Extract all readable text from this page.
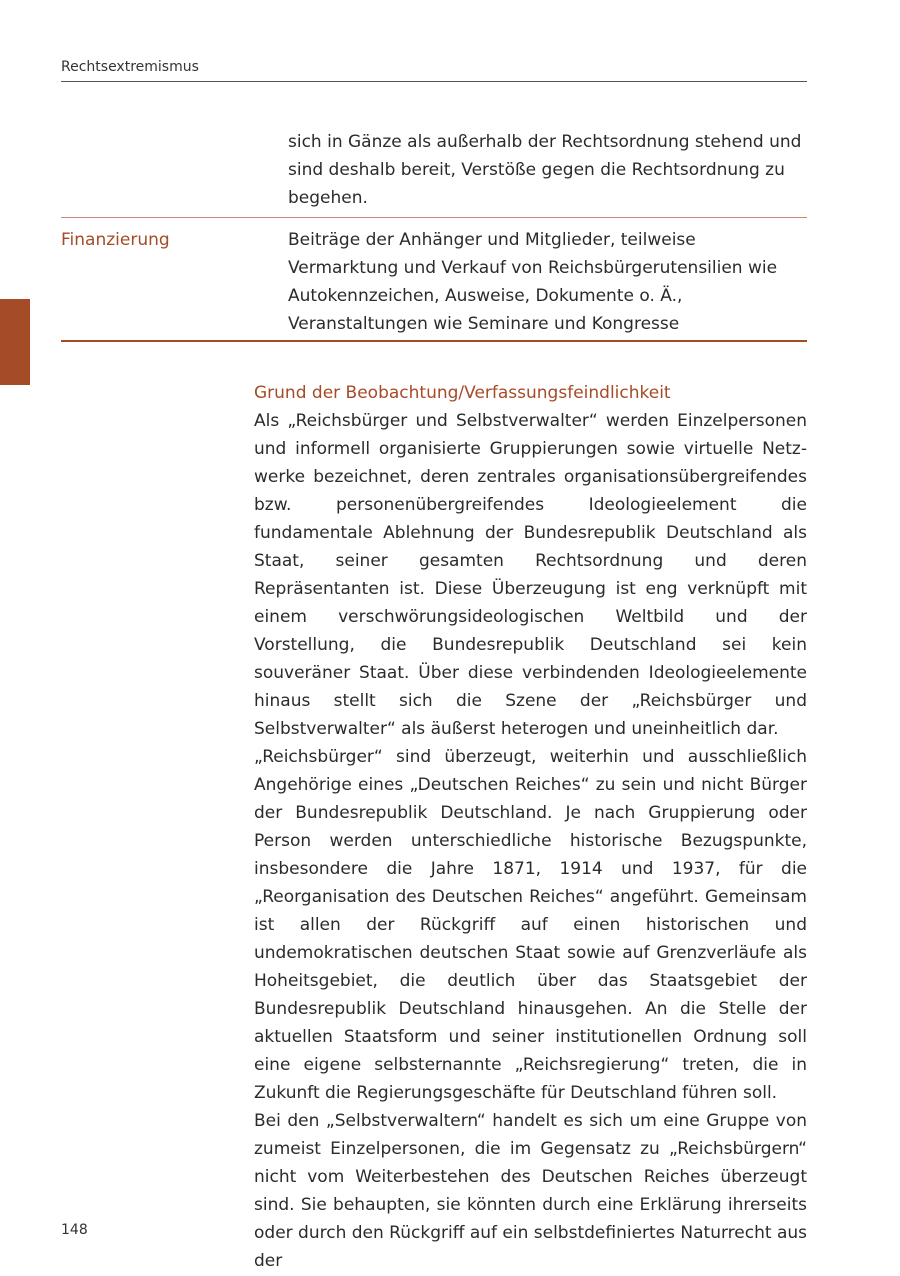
Rechtsextremismus
sich in Gänze als außerhalb der Rechtsordnung stehend und sind deshalb bereit, Verstöße gegen die Rechtsordnung zu begehen.
Finanzierung	Beiträge der Anhänger und Mitglieder, teilweise Vermarktung und Verkauf von Reichsbürgerutensilien wie Autokennzeichen, Ausweise, Dokumente o. Ä., Veranstaltungen wie Seminare und Kongresse
Grund der Beobachtung/Verfassungsfeindlichkeit

Als „Reichsbürger und Selbstverwalter“ werden Einzelpersonen und informell organisierte Gruppierungen sowie virtuelle Netzwerke bezeichnet, deren zentrales organisationsübergreifendes bzw. personenübergreifendes Ideologieelement die fundamentale Ablehnung der Bundesrepublik Deutschland als Staat, seiner gesamten Rechtsordnung und deren Repräsentanten ist. Diese Überzeugung ist eng verknüpft mit einem verschwörungsideologischen Weltbild und der Vorstellung, die Bundesrepublik Deutschland sei kein souveräner Staat. Über diese verbindenden Ideologieelemente hinaus stellt sich die Szene der „Reichsbürger und Selbstverwalter“ als äußerst heterogen und uneinheitlich dar.

„Reichsbürger“ sind überzeugt, weiterhin und ausschließlich Angehörige eines „Deutschen Reiches“ zu sein und nicht Bürger der Bundesrepublik Deutschland. Je nach Gruppierung oder Person werden unterschiedliche historische Bezugspunkte, insbesondere die Jahre 1871, 1914 und 1937, für die „Reorganisation des Deutschen Reiches“ angeführt. Gemeinsam ist allen der Rückgriff auf einen historischen und undemokratischen deutschen Staat sowie auf Grenzverläufe als Hoheitsgebiet, die deutlich über das Staatsgebiet der Bundesrepublik Deutschland hinausgehen. An die Stelle der aktuellen Staatsform und seiner institutionellen Ordnung soll eine eigene selbsternannte „Reichsregierung“ treten, die in Zukunft die Regierungsgeschäfte für Deutschland führen soll.

Bei den „Selbstverwaltern“ handelt es sich um eine Gruppe von zumeist Einzelpersonen, die im Gegensatz zu „Reichsbürgern“ nicht vom Weiterbestehen des Deutschen Reiches überzeugt sind. Sie behaupten, sie könnten durch eine Erklärung ihrerseits oder durch den Rückgriff auf ein selbstdefiniertes Naturrecht aus der

148
